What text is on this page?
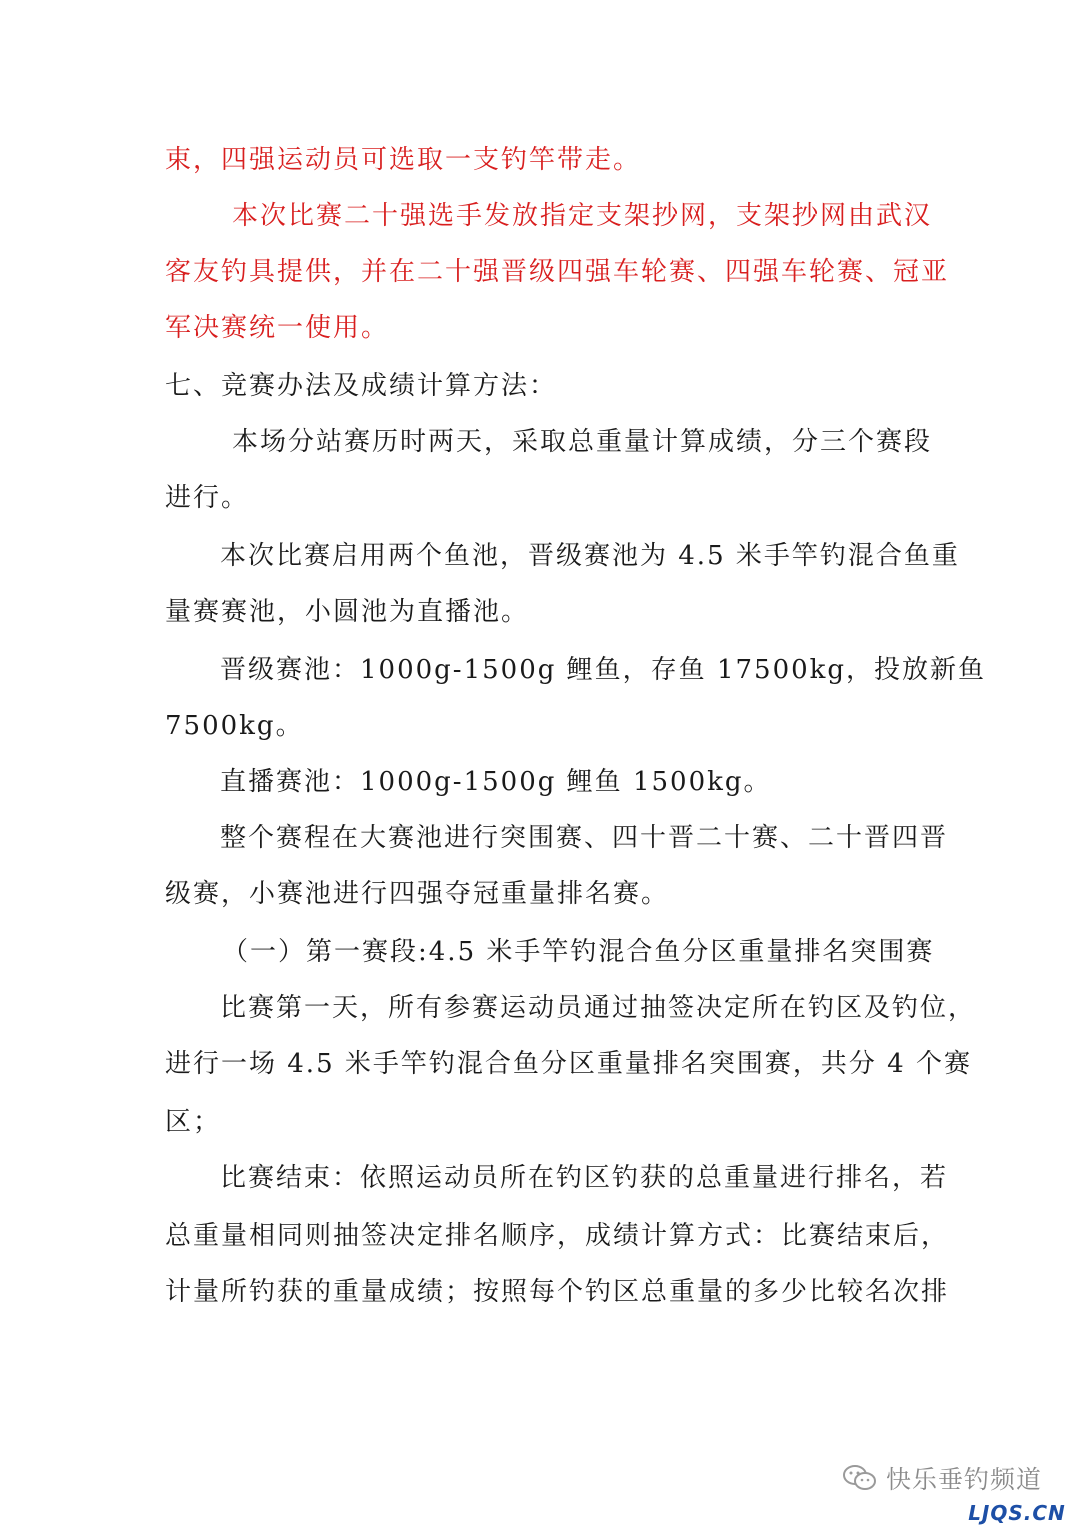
束，四强运动员可选取一支钓竿带走。
本次比赛二十强选手发放指定支架抄网，支架抄网由武汉
客友钓具提供，并在二十强晋级四强车轮赛、四强车轮赛、冠亚
军决赛统一使用。
七、竞赛办法及成绩计算方法：
本场分站赛历时两天，采取总重量计算成绩，分三个赛段
进行。
本次比赛启用两个鱼池，晋级赛池为 4.5 米手竿钓混合鱼重
量赛赛池，小圆池为直播池。
晋级赛池：1000g-1500g 鲤鱼，存鱼 17500kg，投放新鱼
7500kg。
直播赛池：1000g-1500g 鲤鱼 1500kg。
整个赛程在大赛池进行突围赛、四十晋二十赛、二十晋四晋
级赛，小赛池进行四强夺冠重量排名赛。
（一）第一赛段:4.5 米手竿钓混合鱼分区重量排名突围赛
比赛第一天，所有参赛运动员通过抽签决定所在钓区及钓位，
进行一场 4.5 米手竿钓混合鱼分区重量排名突围赛，共分 4 个赛
区；
比赛结束：依照运动员所在钓区钓获的总重量进行排名，若
总重量相同则抽签决定排名顺序，成绩计算方式：比赛结束后，
计量所钓获的重量成绩；按照每个钓区总重量的多少比较名次排
快乐垂钓频道
LJQS.CN
